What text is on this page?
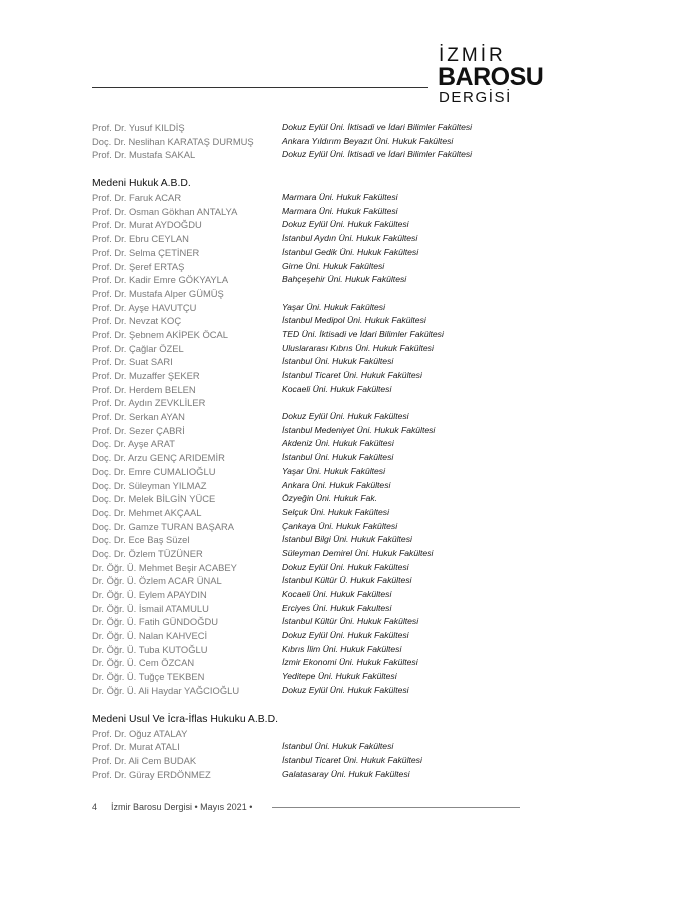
İZMİR
BAROSU
DERGİSİ
Prof. Dr. Yusuf KILDİŞ	Dokuz Eylül Üni. İktisadi ve İdari Bilimler Fakültesi
Doç. Dr. Neslihan KARATAŞ DURMUŞ	Ankara Yıldırım Beyazıt Üni. Hukuk Fakültesi
Prof. Dr. Mustafa SAKAL	Dokuz Eylül Üni. İktisadi ve İdari Bilimler Fakültesi
Medeni Hukuk A.B.D.
Prof. Dr. Faruk ACAR	Marmara Üni. Hukuk Fakültesi
Prof. Dr. Osman Gökhan ANTALYA	Marmara Üni. Hukuk Fakültesi
Prof. Dr. Murat AYDOĞDU	Dokuz Eylül Üni. Hukuk Fakültesi
Prof. Dr. Ebru CEYLAN	İstanbul Aydın Üni. Hukuk Fakültesi
Prof. Dr. Selma ÇETİNER	İstanbul Gedik Üni. Hukuk Fakültesi
Prof. Dr. Şeref ERTAŞ	Girne Üni. Hukuk Fakültesi
Prof. Dr. Kadir Emre GÖKYAYLA	Bahçeşehir Üni. Hukuk Fakültesi
Prof. Dr. Mustafa Alper GÜMÜŞ
Prof. Dr. Ayşe HAVUTÇU	Yaşar Üni. Hukuk Fakültesi
Prof. Dr. Nevzat KOÇ	İstanbul Medipol Üni. Hukuk Fakültesi
Prof. Dr. Şebnem AKİPEK ÖCAL	TED Üni. İktisadi ve İdari Bilimler Fakültesi
Prof. Dr. Çağlar ÖZEL	Uluslararası Kıbrıs Üni. Hukuk Fakültesi
Prof. Dr. Suat SARI	İstanbul Üni. Hukuk Fakültesi
Prof. Dr. Muzaffer ŞEKER	İstanbul Ticaret Üni. Hukuk Fakültesi
Prof. Dr. Herdem BELEN	Kocaeli Üni. Hukuk Fakültesi
Prof. Dr. Aydın ZEVKLİLER
Prof. Dr. Serkan AYAN	Dokuz Eylül Üni. Hukuk Fakültesi
Prof. Dr. Sezer ÇABRİ	İstanbul Medeniyet Üni. Hukuk Fakültesi
Doç. Dr. Ayşe ARAT	Akdeniz Üni. Hukuk Fakültesi
Doç. Dr. Arzu GENÇ ARIDEMİR	İstanbul Üni. Hukuk Fakültesi
Doç. Dr. Emre CUMALIOĞLU	Yaşar Üni. Hukuk Fakültesi
Doç. Dr. Süleyman YILMAZ	Ankara Üni. Hukuk Fakültesi
Doç. Dr. Melek BİLGİN YÜCE	Özyeğin Üni. Hukuk Fak.
Doç. Dr. Mehmet AKÇAAL	Selçuk Üni. Hukuk Fakültesi
Doç. Dr. Gamze TURAN BAŞARA	Çankaya Üni. Hukuk Fakültesi
Doç. Dr. Ece Baş Süzel	İstanbul Bilgi Üni. Hukuk Fakültesi
Doç. Dr. Özlem TÜZÜNER	Süleyman Demirel Üni. Hukuk Fakültesi
Dr. Öğr. Ü. Mehmet Beşir ACABEY	Dokuz Eylül Üni. Hukuk Fakültesi
Dr. Öğr. Ü. Özlem ACAR ÜNAL	İstanbul Kültür Ü. Hukuk Fakültesi
Dr. Öğr. Ü. Eylem APAYDIN	Kocaeli Üni. Hukuk Fakültesi
Dr. Öğr. Ü. İsmail ATAMULU	Erciyes Üni. Hukuk Fakultesi
Dr. Öğr. Ü. Fatih GÜNDOĞDU	İstanbul Kültür Üni. Hukuk Fakültesi
Dr. Öğr. Ü. Nalan KAHVECİ	Dokuz Eylül Üni. Hukuk Fakültesi
Dr. Öğr. Ü. Tuba KUTOĞLU	Kıbrıs İlim Üni. Hukuk Fakültesi
Dr. Öğr. Ü. Cem ÖZCAN	İzmir Ekonomi Üni. Hukuk Fakültesi
Dr. Öğr. Ü. Tuğçe TEKBEN	Yeditepe Üni. Hukuk Fakültesi
Dr. Öğr. Ü. Ali Haydar YAĞCIOĞLU	Dokuz Eylül Üni. Hukuk Fakültesi
Medeni Usul Ve İcra-İflas Hukuku A.B.D.
Prof. Dr. Oğuz ATALAY
Prof. Dr. Murat ATALI	İstanbul Üni. Hukuk Fakültesi
Prof. Dr. Ali Cem BUDAK	İstanbul Ticaret Üni. Hukuk Fakültesi
Prof. Dr. Güray ERDÖNMEZ	Galatasaray Üni. Hukuk Fakültesi
4 İzmir Barosu Dergisi • Mayıs 2021 •
